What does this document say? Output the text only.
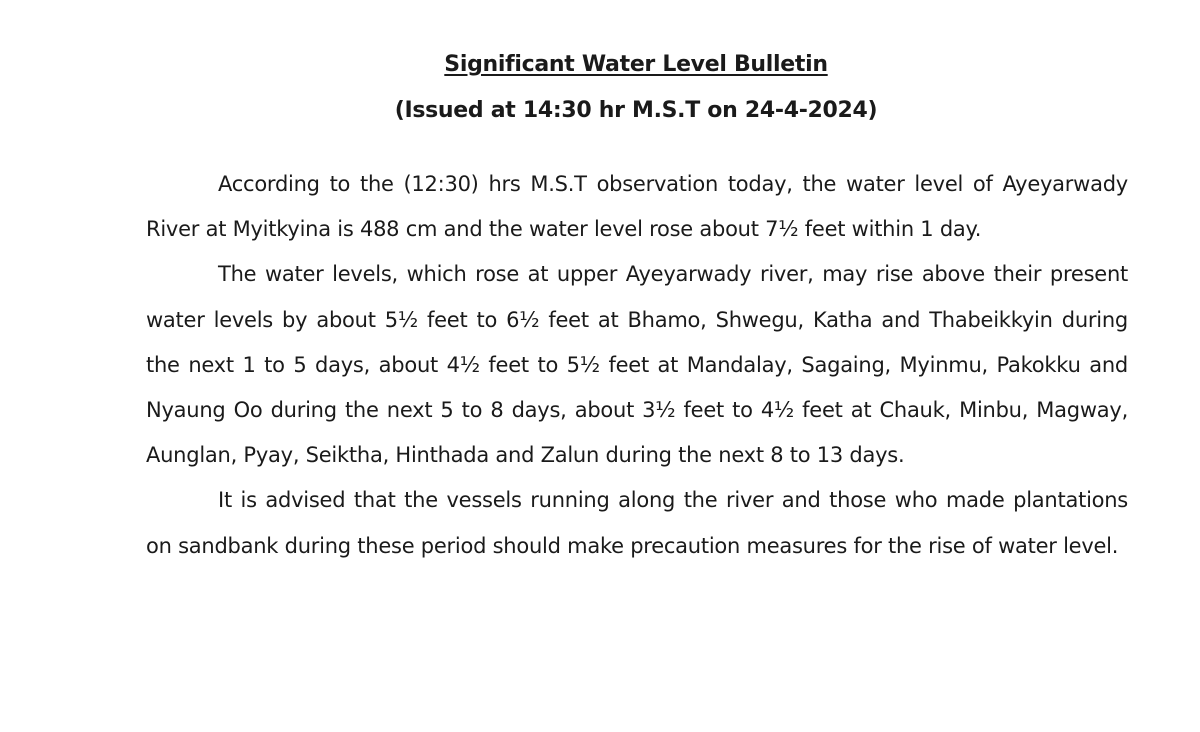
Significant Water Level Bulletin
(Issued at 14:30 hr M.S.T on 24-4-2024)

According to the (12:30) hrs M.S.T observation today, the water level of Ayeyarwady River at Myitkyina is 488 cm and the water level rose about 7½ feet within 1 day.

The water levels, which rose at upper Ayeyarwady river, may rise above their present water levels by about 5½ feet to 6½ feet at Bhamo, Shwegu, Katha and Thabeikkyin during the next 1 to 5 days, about 4½ feet to 5½ feet at Mandalay, Sagaing, Myinmu, Pakokku and Nyaung Oo during the next 5 to 8 days, about 3½ feet to 4½ feet at Chauk, Minbu, Magway, Aunglan, Pyay, Seiktha, Hinthada and Zalun during the next 8 to 13 days.

It is advised that the vessels running along the river and those who made plantations on sandbank during these period should make precaution measures for the rise of water level.
